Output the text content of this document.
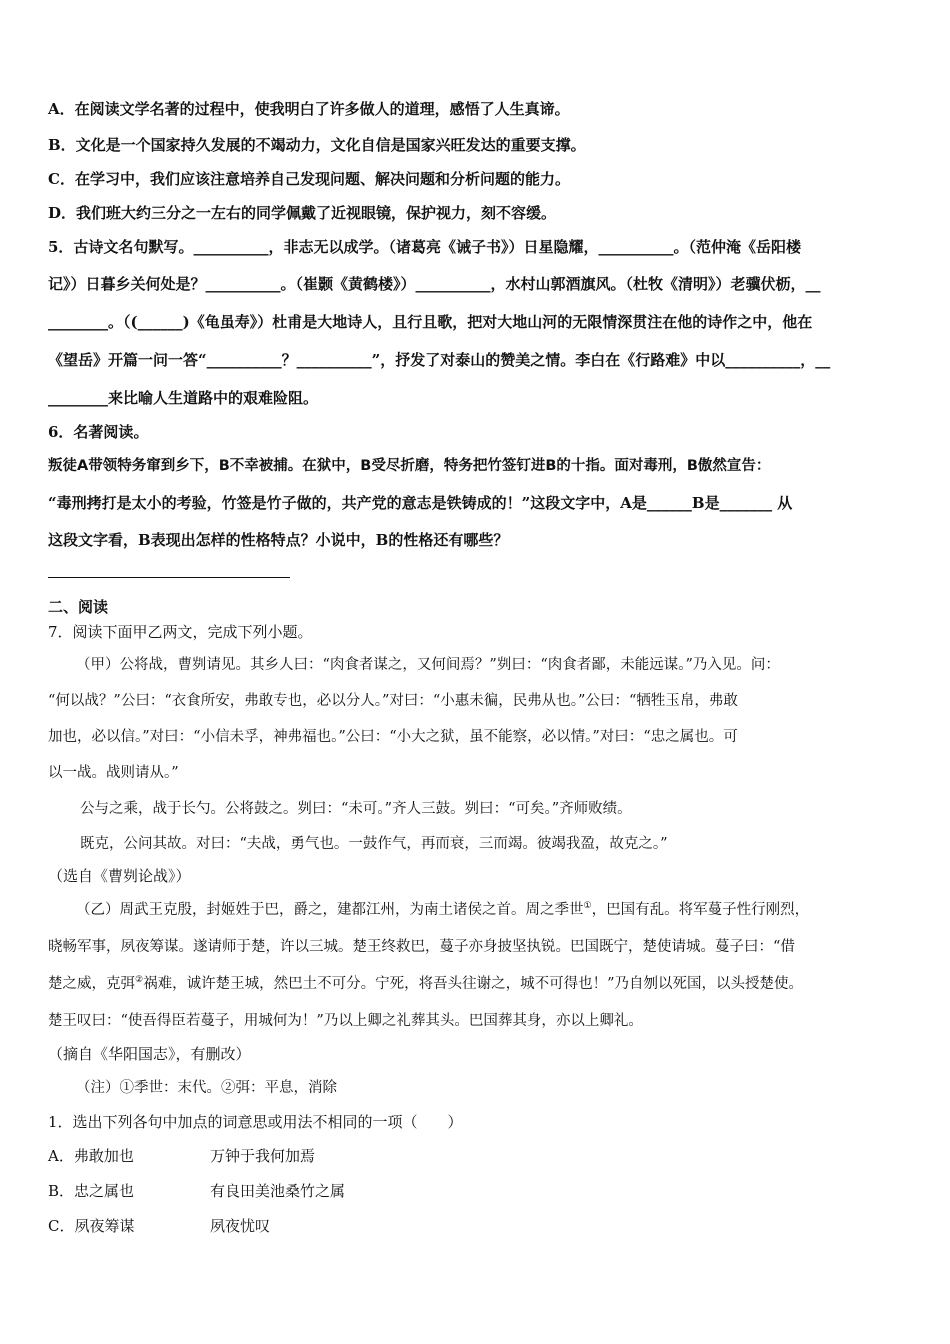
A．在阅读文学名著的过程中，使我明白了许多做人的道理，感悟了人生真谛。
B．文化是一个国家持久发展的不竭动力，文化自信是国家兴旺发达的重要支撑。
C．在学习中，我们应该注意培养自己发现问题、解决问题和分析问题的能力。
D．我们班大约三分之一左右的同学佩戴了近视眼镜，保护视力，刻不容缓。
5．古诗文名句默写。__________，非志无以成学。（诸葛亮《诫子书》）日星隐耀，__________。（范仲淹《岳阳楼
记》）日暮乡关何处是？__________。（崔颢《黄鹤楼》）__________，水村山郭酒旗风。（杜牧《清明》）老骥伏枥，__
________。（(______)《龟虽寿》）杜甫是大地诗人，且行且歌，把对大地山河的无限情深贯注在他的诗作之中，他在
《望岳》开篇一问一答“__________？__________”，抒发了对泰山的赞美之情。李白在《行路难》中以__________，__
________来比喻人生道路中的艰难险阻。
6．名著阅读。
叛徒A带领特务窜到乡下，B不幸被捕。在狱中，B受尽折磨，特务把竹签钉进B的十指。面对毒刑，B傲然宣告：
“毒刑拷打是太小的考验，竹签是竹子做的，共产党的意志是铁铸成的！”这段文字中，A是______B是_______ 从
这段文字看，B表现出怎样的性格特点？小说中，B的性格还有哪些？
二、阅读
7．阅读下面甲乙两文，完成下列小题。
（甲）公将战，曹刿请见。其乡人曰：“肉食者谋之，又何间焉？”刿曰：“肉食者鄙，未能远谋。”乃入见。问：
“何以战？”公曰：“衣食所安，弗敢专也，必以分人。”对曰：“小惠未徧，民弗从也。”公曰：“牺牲玉帛，弗敢
加也，必以信。”对曰：“小信未孚，神弗福也。”公曰：“小大之狱，虽不能察，必以情。”对曰：“忠之属也。可
以一战。战则请从。”
公与之乘，战于长勺。公将鼓之。刿曰：“未可。”齐人三鼓。刿曰：“可矣。”齐师败绩。
既克，公问其故。对曰：“夫战，勇气也。一鼓作气，再而衰，三而竭。彼竭我盈，故克之。”
（选自《曹刿论战》）
（乙）周武王克殷，封姬姓于巴，爵之，建都江州，为南土诸侯之首。周之季世①，巴国有乱。将军蔓子性行刚烈，
晓畅军事，夙夜筹谋。遂请师于楚，许以三城。楚王终救巴，蔓子亦身披坚执锐。巴国既宁，楚使请城。蔓子曰：“借
楚之威，克弭②祸难，诚许楚王城，然巴土不可分。宁死，将吾头往谢之，城不可得也！”乃自刎以死国，以头授楚使。
楚王叹曰：“使吾得臣若蔓子，用城何为！”乃以上卿之礼葬其头。巴国葬其身，亦以上卿礼。
（摘自《华阳国志》，有删改）
（注）①季世：末代。②弭：平息，消除
1．选出下列各句中加点的词意思或用法不相同的一项（　　）
A．弗敢加也	万钟于我何加焉
B．忠之属也	有良田美池桑竹之属
C．夙夜筹谋	夙夜忧叹
